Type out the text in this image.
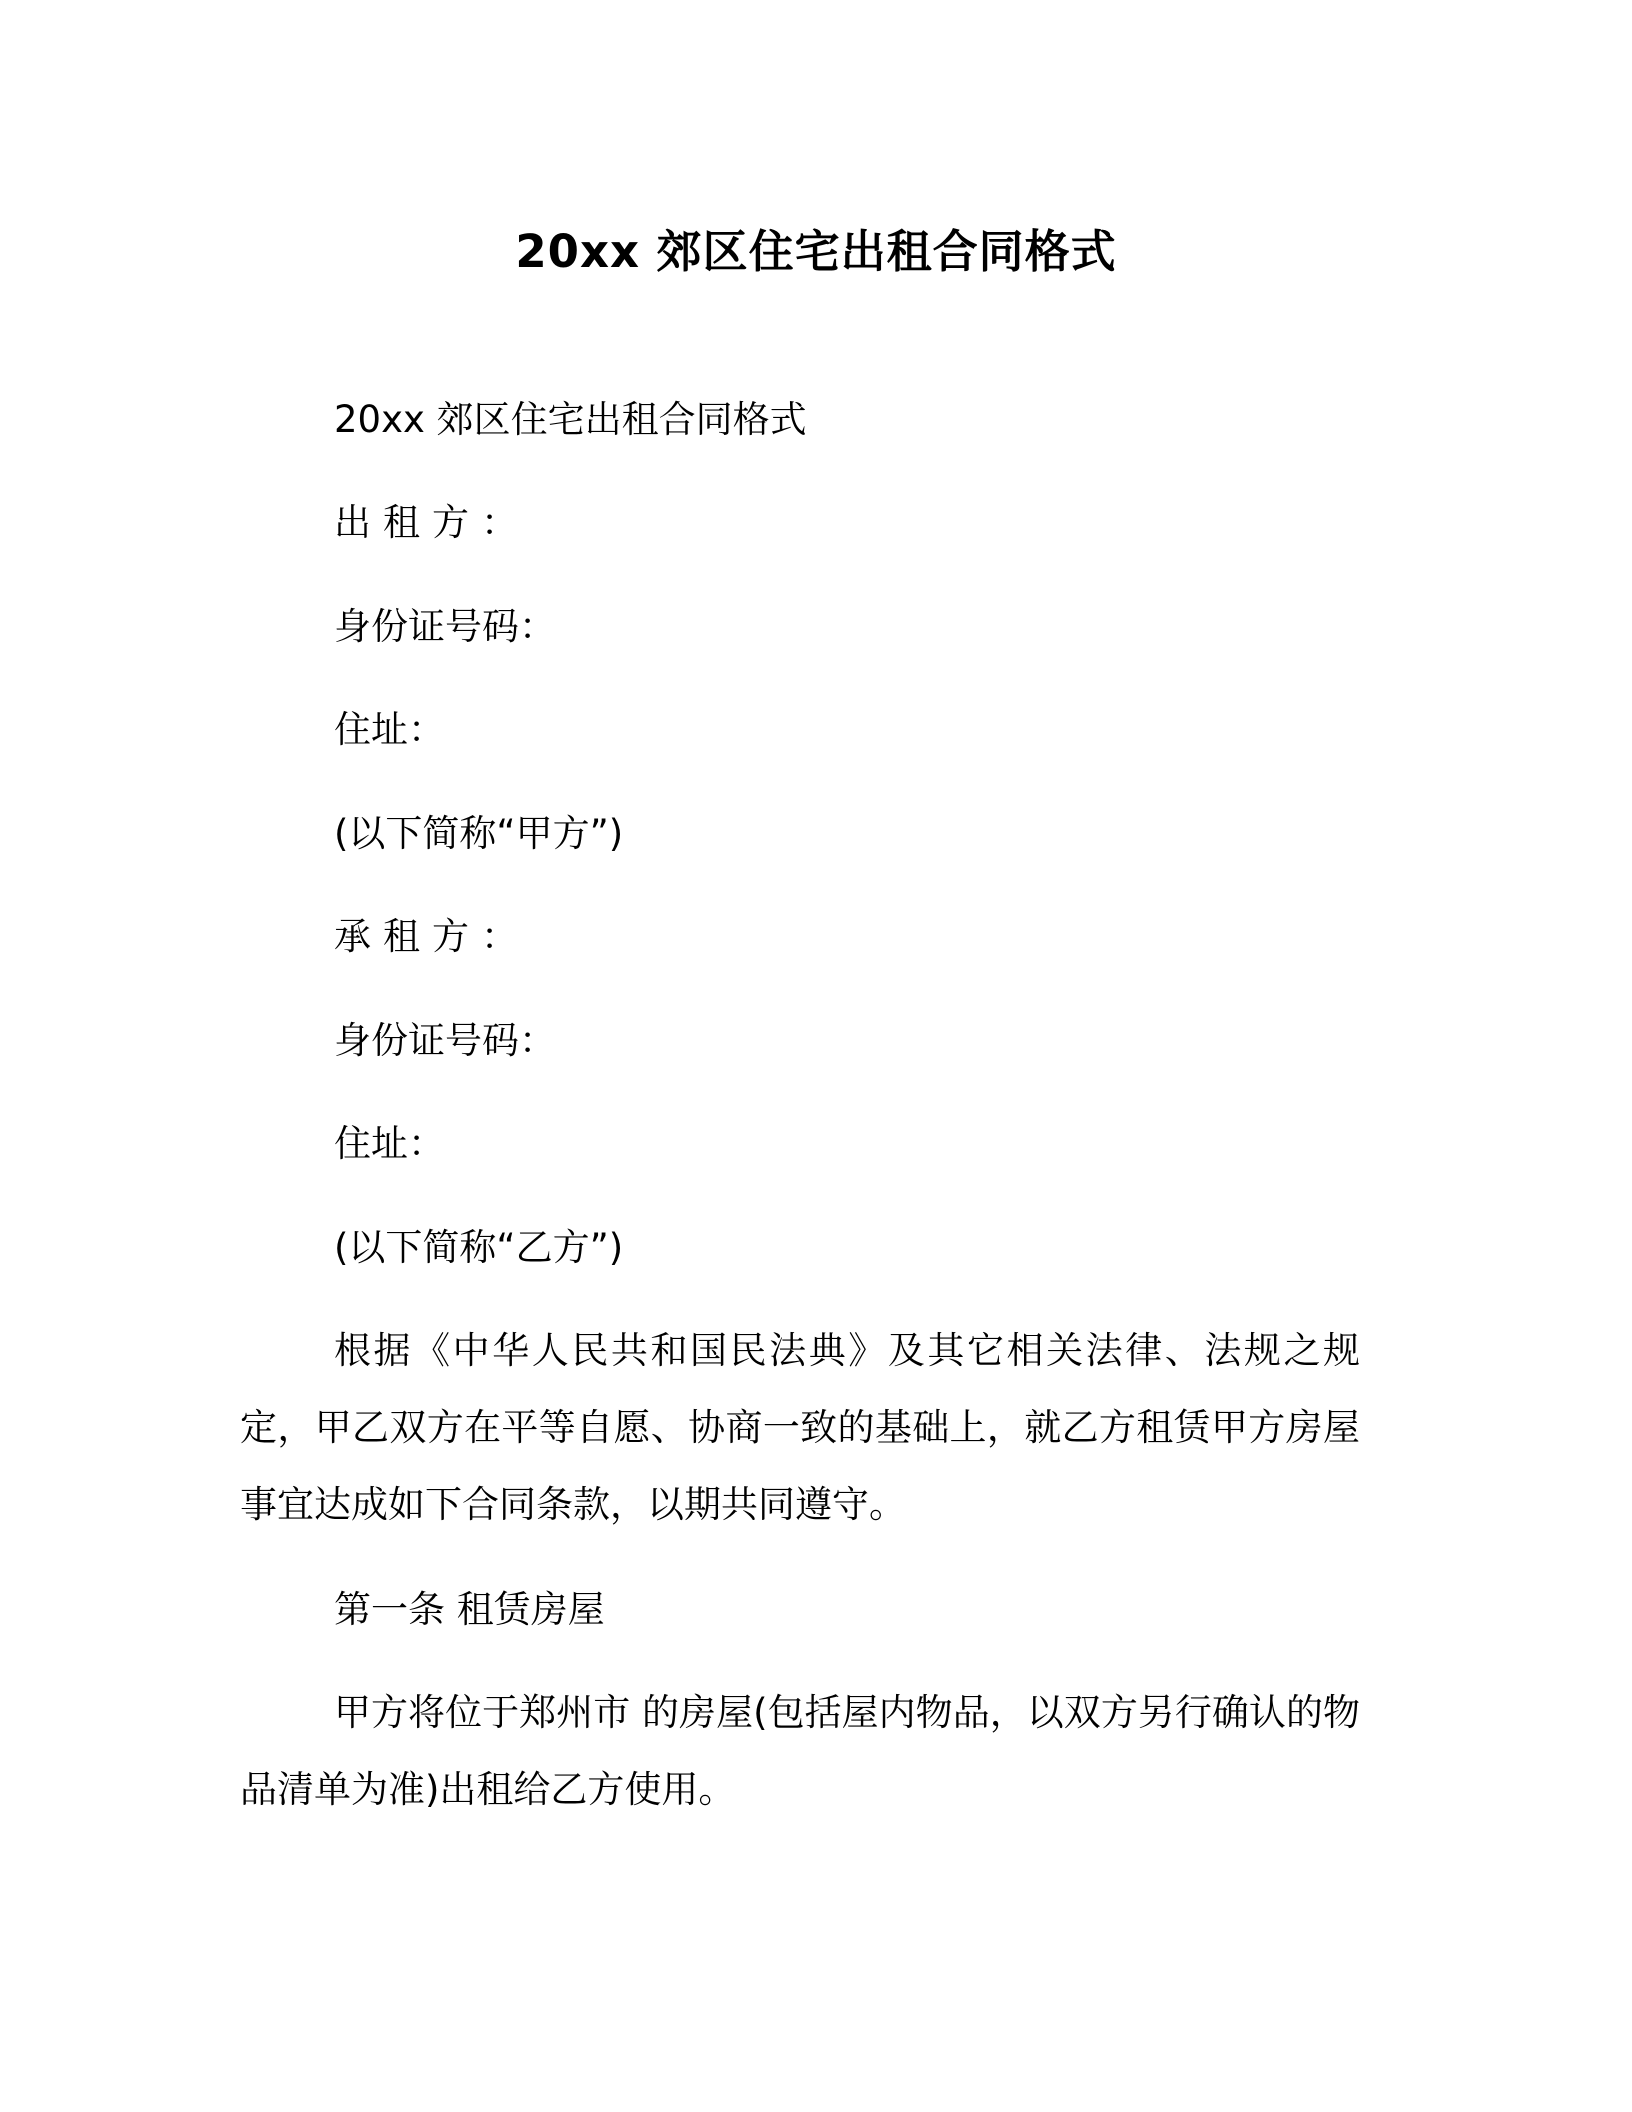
20xx 郊区住宅出租合同格式
20xx 郊区住宅出租合同格式
出租方：
身份证号码：
住址：
(以下简称“甲方”)
承租方：
身份证号码：
住址：
(以下简称“乙方”)
根据《中华人民共和国民法典》及其它相关法律、法规之规定，甲乙双方在平等自愿、协商一致的基础上，就乙方租赁甲方房屋事宜达成如下合同条款，以期共同遵守。
第一条 租赁房屋
甲方将位于郑州市 的房屋(包括屋内物品，以双方另行确认的物品清单为准)出租给乙方使用。
